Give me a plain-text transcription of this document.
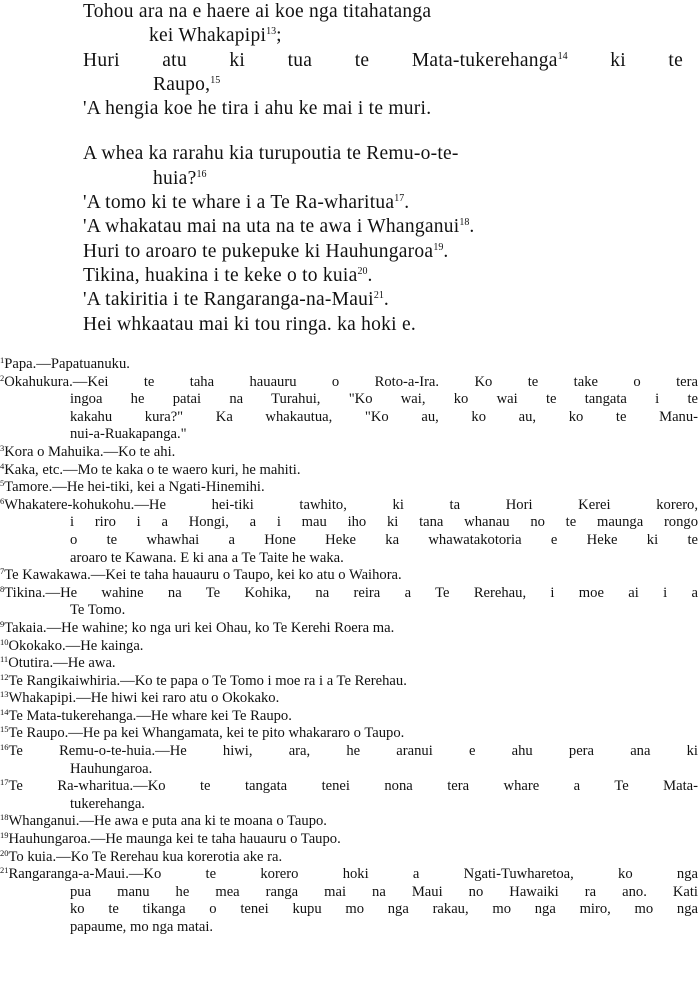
Tohou ara na e haere ai koe nga titahatanga
kei Whakapipi$^{13}$;
Huri atu ki tua te Mata-tukerehanga$^{14}$ ki te
Raupo,$^{15}$
'A hengia koe he tira i ahu ke mai i te muri.
A whea ka rarahu kia turupoutia te Remu-o-te-
huia?$^{16}$
'A tomo ki te whare i a Te Ra-wharitua$^{17}$.
'A whakatau mai na uta na te awa i Whanganui$^{18}$.
Huri to aroaro te pukepuke ki Hauhungaroa$^{19}$.
Tikina, huakina i te keke o to kuia$^{20}$.
'A takiritia i te Rangaranga-na-Maui$^{21}$.
Hei whkaatau mai ki tou ringa. ka hoki e.
$^1$Papa.—Papatuanuku.
$^2$Okahukura.—Kei te taha hauauru o Roto-a-Ira. Ko te take o tera
ingoa he patai na Turahui, "Ko wai, ko wai te tangata i te
kakahu kura?" Ka whakautua, "Ko au, ko au, ko te Manu-
nui-a-Ruakapanga."
$^3$Kora o Mahuika.—Ko te ahi.
$^4$Kaka, etc.—Mo te kaka o te waero kuri, he mahiti.
$^5$Tamore.—He hei-tiki, kei a Ngati-Hinemihi.
$^6$Whakatere-kohukohu.—He hei-tiki tawhito, ki ta Hori Kerei korero,
i riro i a Hongi, a i mau iho ki tana whanau no te maunga rongo
o te whawhai a Hone Heke ka whawatakotoria e Heke ki te
aroaro te Kawana. E ki ana a Te Taite he waka.
$^7$Te Kawakawa.—Kei te taha hauauru o Taupo, kei ko atu o Waihora.
$^8$Tikina.—He wahine na Te Kohika, na reira a Te Rerehau, i moe ai i a
Te Tomo.
$^9$Takaia.—He wahine; ko nga uri kei Ohau, ko Te Kerehi Roera ma.
$^{10}$Okokako.—He kainga.
$^{11}$Otutira.—He awa.
$^{12}$Te Rangikaiwhiria.—Ko te papa o Te Tomo i moe ra i a Te Rerehau.
$^{13}$Whakapipi.—He hiwi kei raro atu o Okokako.
$^{14}$Te Mata-tukerehanga.—He whare kei Te Raupo.
$^{15}$Te Raupo.—He pa kei Whangamata, kei te pito whakararo o Taupo.
$^{16}$Te Remu-o-te-huia.—He hiwi, ara, he aranui e ahu pera ana ki
Hauhungaroa.
$^{17}$Te Ra-wharitua.—Ko te tangata tenei nona tera whare a Te Mata-
tukerehanga.
$^{18}$Whanganui.—He awa e puta ana ki te moana o Taupo.
$^{19}$Hauhungaroa.—He maunga kei te taha hauauru o Taupo.
$^{20}$To kuia.—Ko Te Rerehau kua korerotia ake ra.
$^{21}$Rangaranga-a-Maui.—Ko te korero hoki a Ngati-Tuwharetoa, ko nga
pua manu he mea ranga mai na Maui no Hawaiki ra ano. Kati
ko te tikanga o tenei kupu mo nga rakau, mo nga miro, mo nga
papaume, mo nga matai.
